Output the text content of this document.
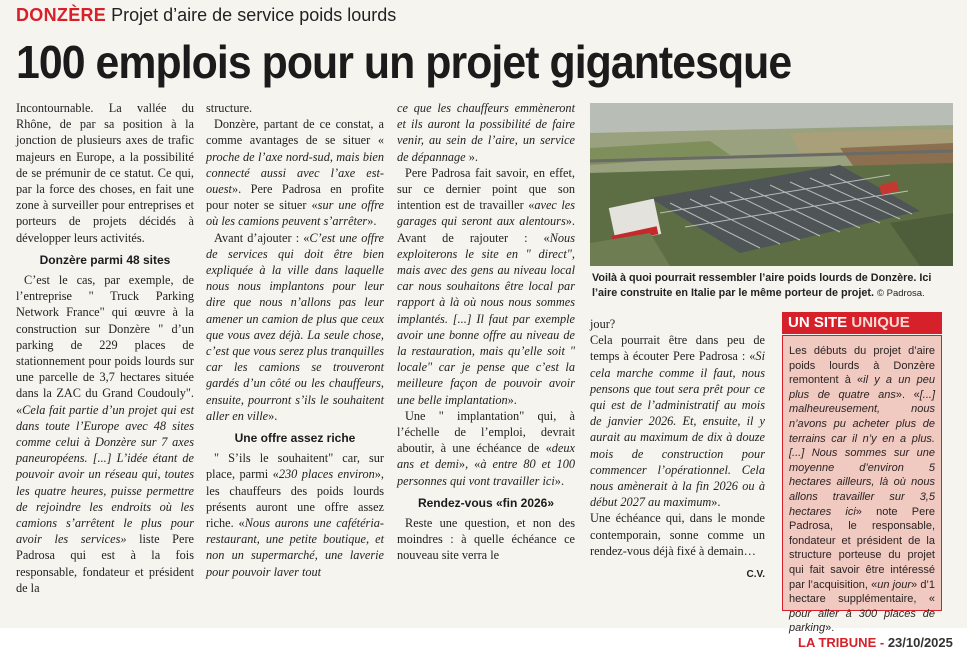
DONZÈRE Projet d’aire de service poids lourds
100 emplois pour un projet gigantesque

Incontournable. La vallée du Rhône, de par sa position à la jonction de plusieurs axes de trafic majeurs en Europe, a la possibilité de se prémunir de ce statut. Ce qui, par la force des choses, en fait une zone à surveiller pour entreprises et porteurs de projets décidés à développer leurs activités.

Donzère parmi 48 sites

C’est le cas, par exemple, de l’entreprise " Truck Parking Network France" qui œuvre à la construction sur Donzère " d’un parking de 229 places de stationnement pour poids lourds sur une parcelle de 3,7 hectares située dans la ZAC du Grand Coudouly". «Cela fait partie d’un projet qui est dans toute l’Europe avec 48 sites comme celui à Donzère sur 7 axes paneuropéens. [...] L’idée étant de pouvoir avoir un réseau qui, toutes les quatre heures, puisse permettre de rejoindre les endroits où les camions s’arrêtent le plus pour avoir les services» liste Pere Padrosa qui est à la fois responsable, fondateur et président de la

structure.

Donzère, partant de ce constat, a comme avantages de se situer « proche de l’axe nord-sud, mais bien connecté aussi avec l’axe est-ouest». Pere Padrosa en profite pour noter se situer «sur une offre où les camions peuvent s’arrêter».

Avant d’ajouter : «C’est une offre de services qui doit être bien expliquée à la ville dans laquelle nous nous implantons pour leur dire que nous n’allons pas leur amener un camion de plus que ceux que vous avez déjà. La seule chose, c’est que vous serez plus tranquilles car les camions se trouveront gardés d’un côté ou les chauffeurs, ensuite, pourront s’ils le souhaitent aller en ville».

Une offre assez riche

" S’ils le souhaitent" car, sur place, parmi «230 places environ», les chauffeurs des poids lourds présents auront une offre assez riche. «Nous aurons une cafétéria-restaurant, une petite boutique, et non un supermarché, une laverie pour pouvoir laver tout

ce que les chauffeurs emmèneront et ils auront la possibilité de faire venir, au sein de l’aire, un service de dépannage ».

Pere Padrosa fait savoir, en effet, sur ce dernier point que son intention est de travailler «avec les garages qui seront aux alentours». Avant de rajouter : «Nous exploiterons le site en " direct", mais avec des gens au niveau local car nous souhaitons être local par rapport à là où nous nous sommes implantés. [...] Il faut par exemple avoir une bonne offre au niveau de la restauration, mais qu’elle soit " locale" car je pense que c’est la meilleure façon de pouvoir avoir une belle implantation».

Une " implantation" qui, à l’échelle de l’emploi, devrait aboutir, à une échéance de «deux ans et demi», «à entre 80 et 100 personnes qui vont travailler ici».

Rendez-vous «fin 2026»

Reste une question, et non des moindres : à quelle échéance ce nouveau site verra le

Voilà à quoi pourrait ressembler l’aire poids lourds de Donzère. Ici l’aire construite en Italie par le même porteur de projet. © Padrosa.

jour?

Cela pourrait être dans peu de temps à écouter Pere Padrosa : «Si cela marche comme il faut, nous pensons que tout sera prêt pour ce qui est de l’administratif au mois de janvier 2026. Et, ensuite, il y aurait au maximum de dix à douze mois de construction pour commencer l’opérationnel. Cela nous amènerait à la fin 2026 ou à début 2027 au maximum».

Une échéance qui, dans le monde contemporain, sonne comme un rendez-vous déjà fixé à demain…

C.V.

UN SITE UNIQUE
Les débuts du projet d’aire poids lourds à Donzère remontent à «il y a un peu plus de quatre ans». «[...] malheureusement, nous n’avons pu acheter plus de terrains car il n’y en a plus. [...] Nous sommes sur une moyenne d’environ 5 hectares ailleurs, là où nous allons travailler sur 3,5 hectares ici» note Pere Padrosa, le responsable, fondateur et président de la structure porteuse du projet qui fait savoir être intéressé par l’acquisition, «un jour» d’1 hectare supplémentaire, « pour aller à 300 places de parking».
LA TRIBUNE - 23/10/2025
